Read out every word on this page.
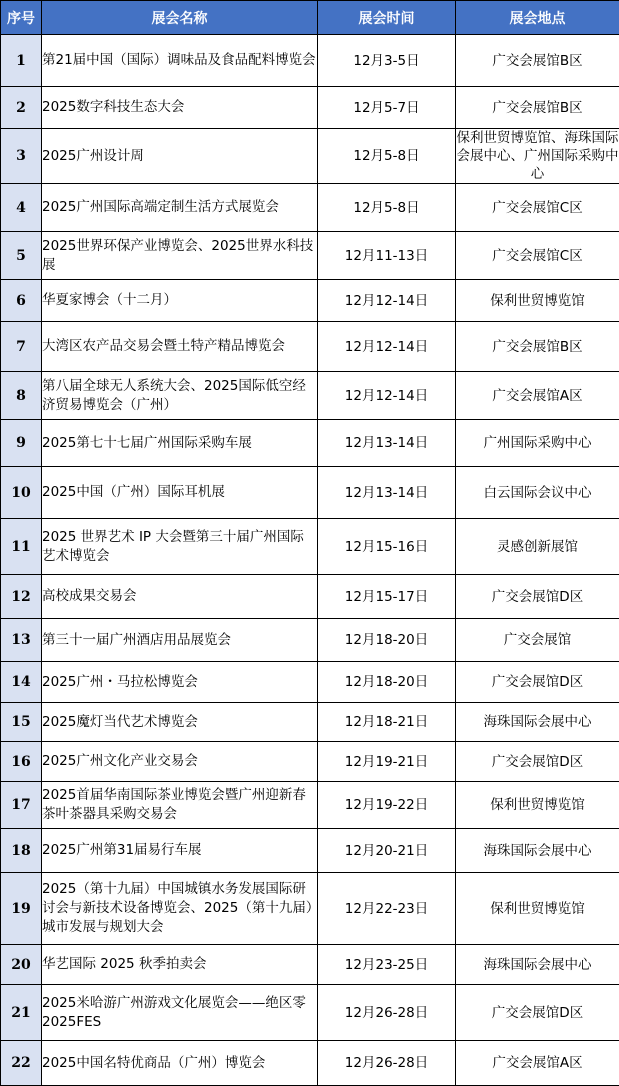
序号	展会名称	展会时间	展会地点
1	第21届中国（国际）调味品及食品配料博览会	12月3-5日	广交会展馆B区
2	2025数字科技生态大会	12月5-7日	广交会展馆B区
3	2025广州设计周	12月5-8日	保利世贸博览馆、海珠国际会展中心、广州国际采购中心
4	2025广州国际高端定制生活方式展览会	12月5-8日	广交会展馆C区
5	2025世界环保产业博览会、2025世界水科技展	12月11-13日	广交会展馆C区
6	华夏家博会（十二月）	12月12-14日	保利世贸博览馆
7	大湾区农产品交易会暨土特产精品博览会	12月12-14日	广交会展馆B区
8	第八届全球无人系统大会、2025国际低空经济贸易博览会（广州）	12月12-14日	广交会展馆A区
9	2025第七十七届广州国际采购车展	12月13-14日	广州国际采购中心
10	2025中国（广州）国际耳机展	12月13-14日	白云国际会议中心
11	2025 世界艺术 IP 大会暨第三十届广州国际艺术博览会	12月15-16日	灵感创新展馆
12	高校成果交易会	12月15-17日	广交会展馆D区
13	第三十一届广州酒店用品展览会	12月18-20日	广交会展馆
14	2025广州・马拉松博览会	12月18-20日	广交会展馆D区
15	2025魔灯当代艺术博览会	12月18-21日	海珠国际会展中心
16	2025广州文化产业交易会	12月19-21日	广交会展馆D区
17	2025首届华南国际茶业博览会暨广州迎新春茶叶茶器具采购交易会	12月19-22日	保利世贸博览馆
18	2025广州第31届易行车展	12月20-21日	海珠国际会展中心
19	2025（第十九届）中国城镇水务发展国际研讨会与新技术设备博览会、2025（第十九届）城市发展与规划大会	12月22-23日	保利世贸博览馆
20	华艺国际 2025 秋季拍卖会	12月23-25日	海珠国际会展中心
21	2025米哈游广州游戏文化展览会——绝区零2025FES	12月26-28日	广交会展馆D区
22	2025中国名特优商品（广州）博览会	12月26-28日	广交会展馆A区
